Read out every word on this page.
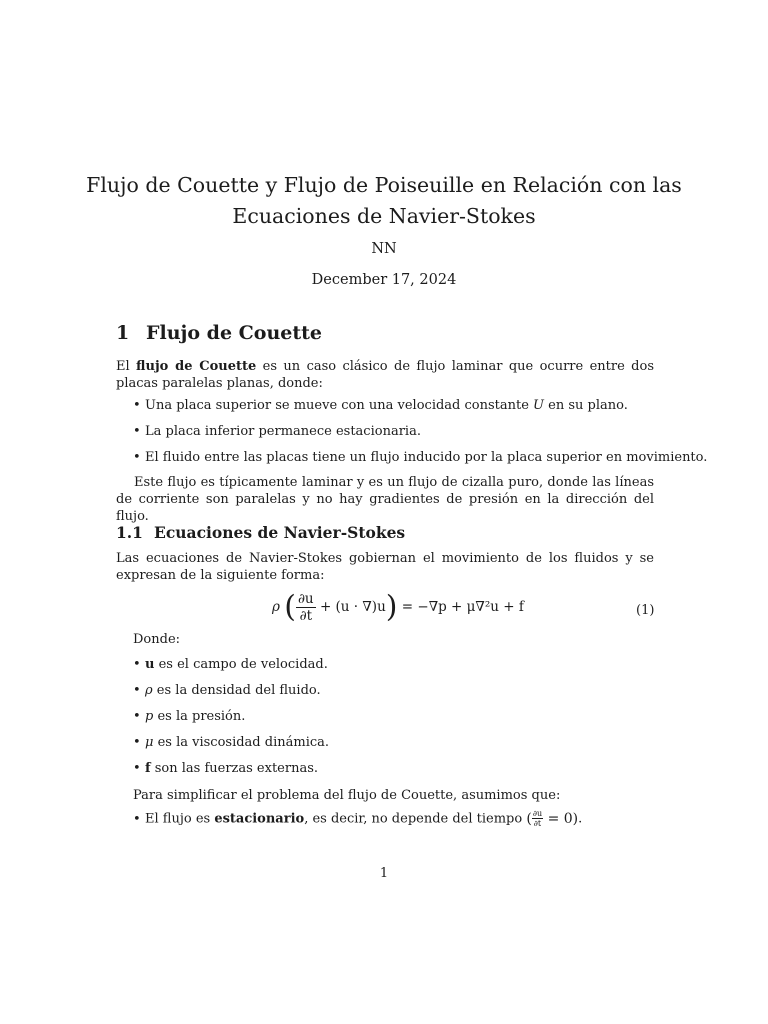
Flujo de Couette y Flujo de Poiseuille en Relación con las
Ecuaciones de Navier-Stokes
NN
December 17, 2024
1 Flujo de Couette
El flujo de Couette es un caso clásico de flujo laminar que ocurre entre dos placas paralelas planas, donde:
• Una placa superior se mueve con una velocidad constante U en su plano.
• La placa inferior permanece estacionaria.
• El fluido entre las placas tiene un flujo inducido por la placa superior en movimiento.
Este flujo es típicamente laminar y es un flujo de cizalla puro, donde las líneas de corriente son paralelas y no hay gradientes de presión en la dirección del flujo.
1.1 Ecuaciones de Navier-Stokes
Las ecuaciones de Navier-Stokes gobiernan el movimiento de los fluidos y se expresan de la siguiente forma:
ρ ( $\frac{\partial u}{\partial t} + (u \cdot \nabla)u) = -\nabla p + \mu\nabla^2u + f$	(1)
Donde:
• u es el campo de velocidad.
• ρ es la densidad del fluido.
• p es la presión.
• μ es la viscosidad dinámica.
• f son las fuerzas externas.
Para simplificar el problema del flujo de Couette, asumimos que:
• El flujo es estacionario, es decir, no depende del tiempo ( $\frac{\partial u}{\partial t} = 0$).
1
